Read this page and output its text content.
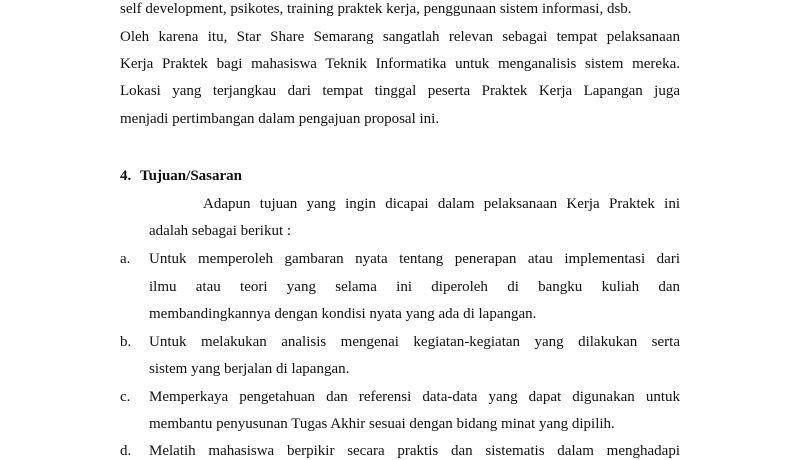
self development, psikotes, training praktek kerja, penggunaan sistem informasi, dsb.
Oleh karena itu, Star Share Semarang sangatlah relevan sebagai tempat pelaksanaan
Kerja Praktek bagi mahasiswa Teknik Informatika untuk menganalisis sistem mereka.
Lokasi yang terjangkau dari tempat tinggal peserta Praktek Kerja Lapangan juga
menjadi pertimbangan dalam pengajuan proposal ini.
4. Tujuan/Sasaran
Adapun tujuan yang ingin dicapai dalam pelaksanaan Kerja Praktek ini
adalah sebagai berikut :
a. Untuk memperoleh gambaran nyata tentang penerapan atau implementasi dari
ilmu atau teori yang selama ini diperoleh di bangku kuliah dan
membandingkannya dengan kondisi nyata yang ada di lapangan.
b. Untuk melakukan analisis mengenai kegiatan-kegiatan yang dilakukan serta
sistem yang berjalan di lapangan.
c. Memperkaya pengetahuan dan referensi data-data yang dapat digunakan untuk
membantu penyusunan Tugas Akhir sesuai dengan bidang minat yang dipilih.
d. Melatih mahasiswa berpikir secara praktis dan sistematis dalam menghadapi
